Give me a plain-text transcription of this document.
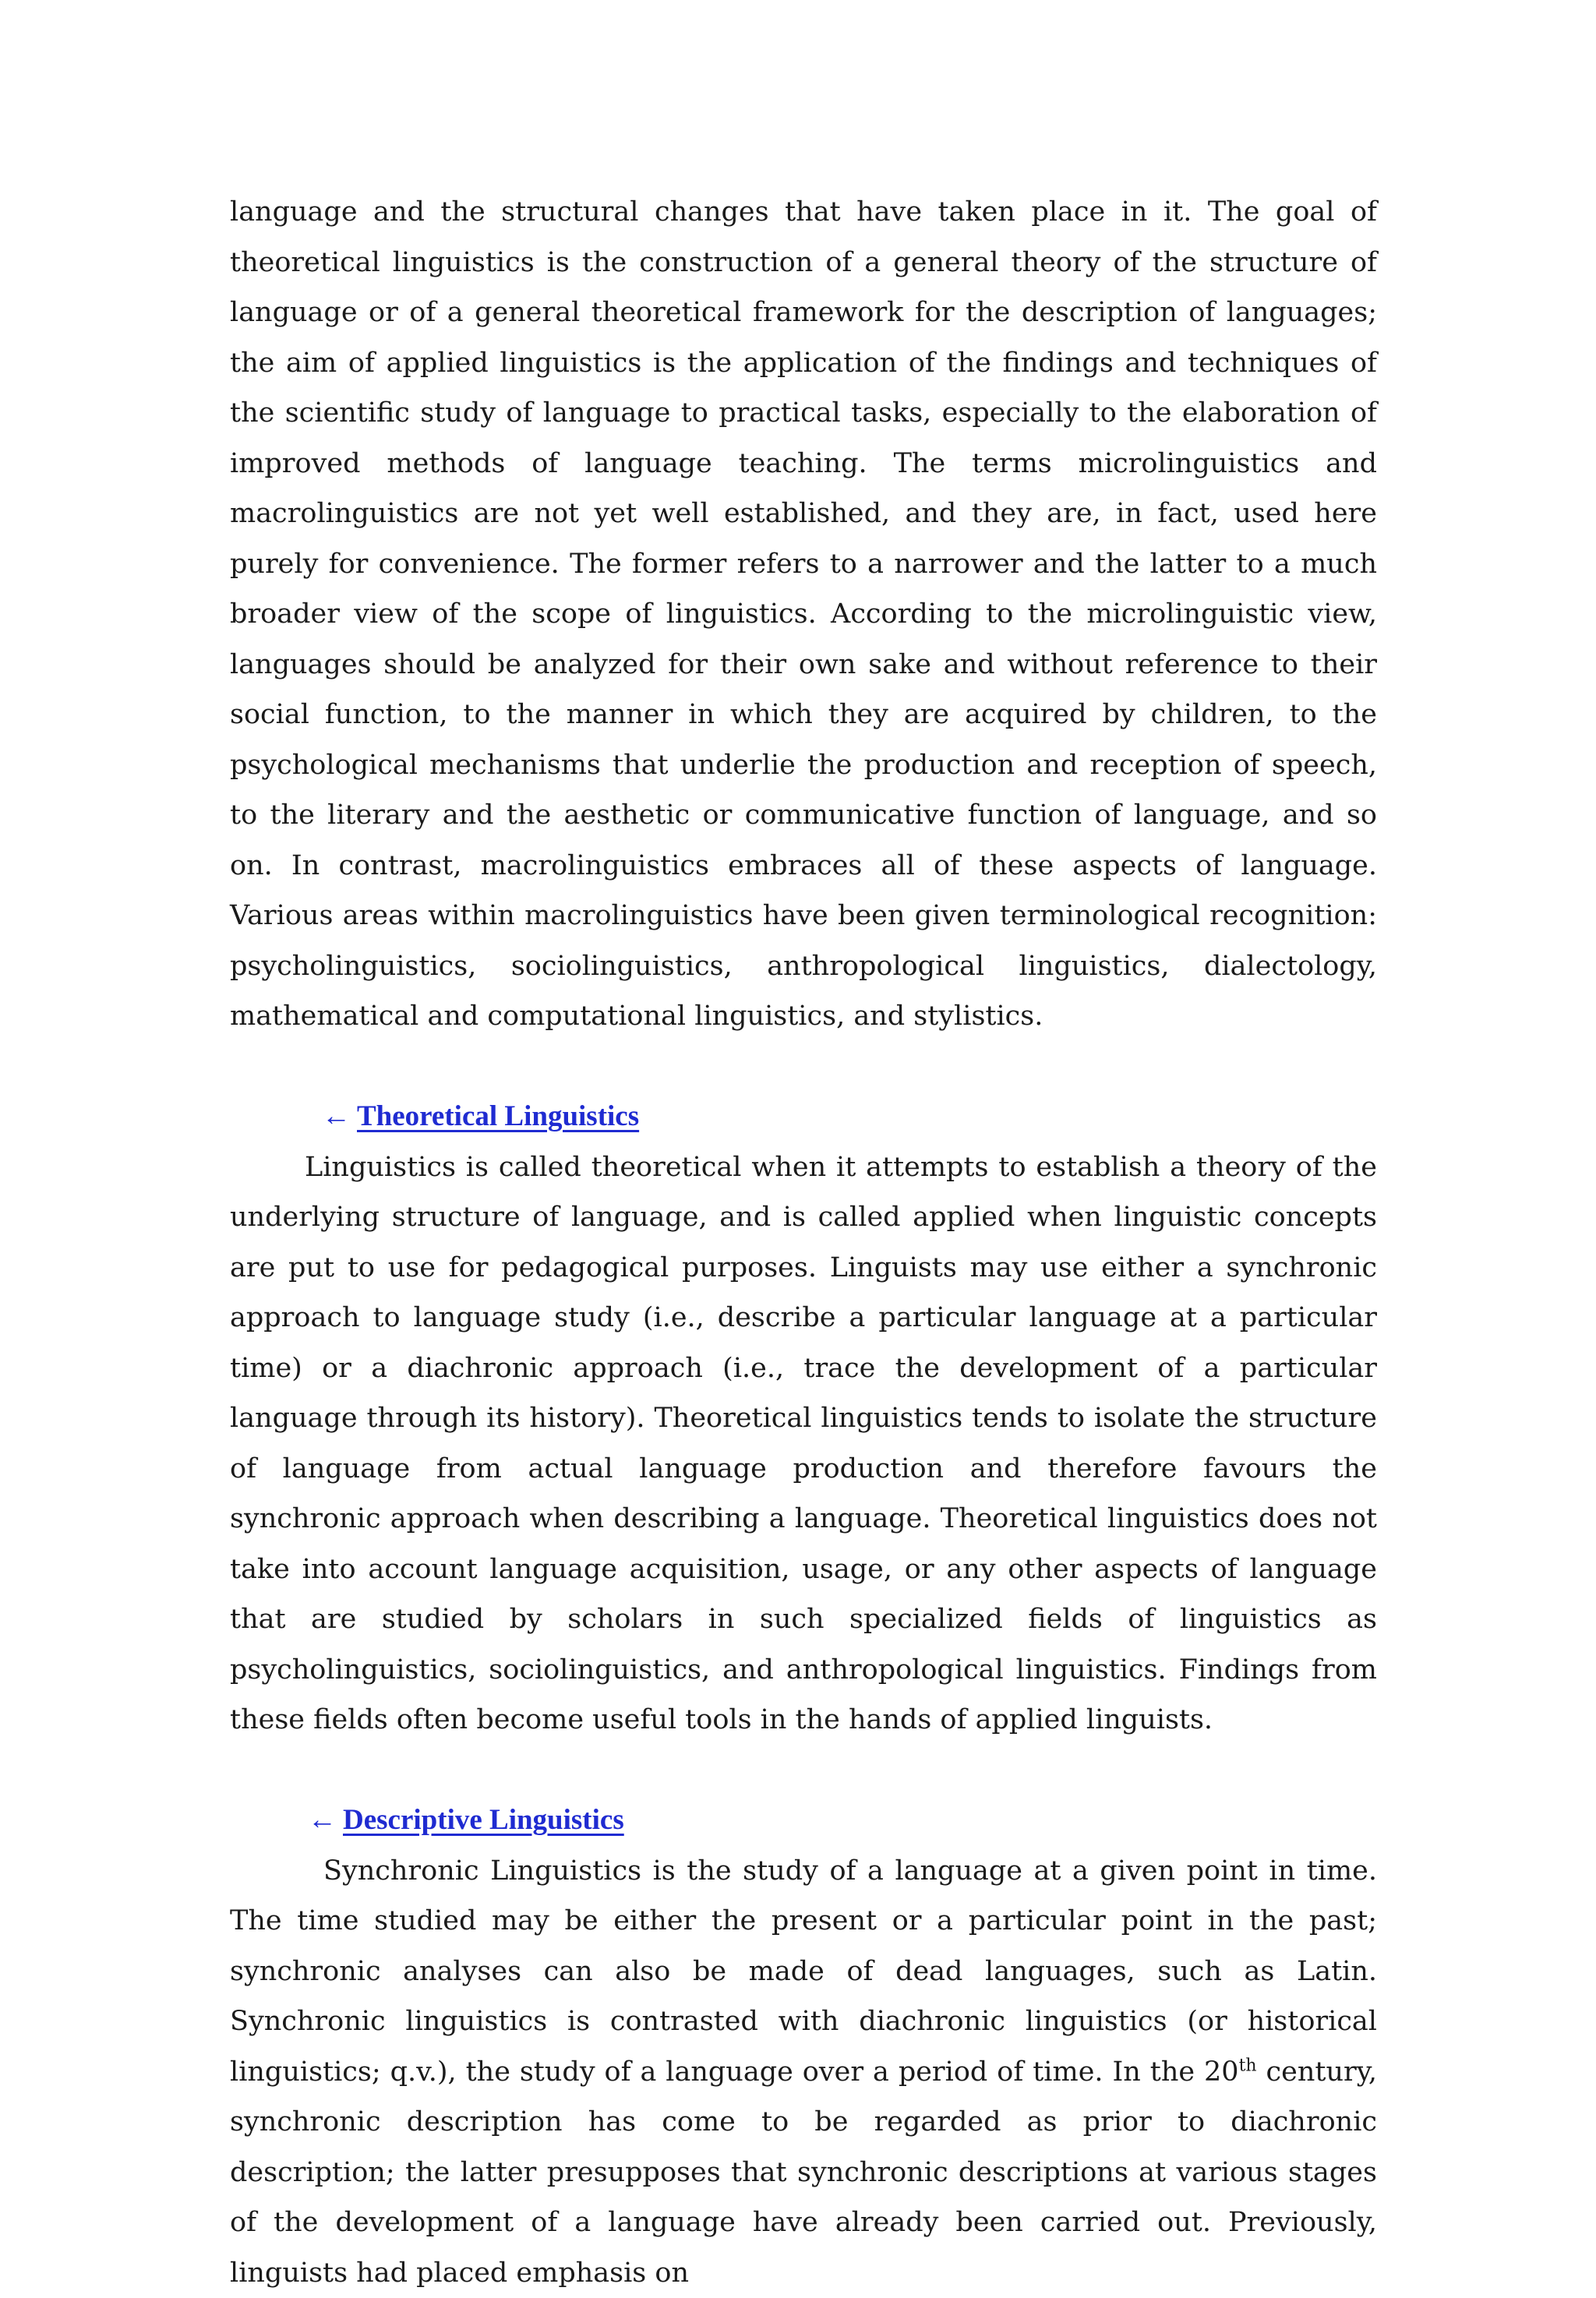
language and the structural changes that have taken place in it. The goal of theoretical linguistics is the construction of a general theory of the structure of language or of a general theoretical framework for the description of languages; the aim of applied linguistics is the application of the findings and techniques of the scientific study of language to practical tasks, especially to the elaboration of improved methods of language teaching. The terms microlinguistics and macrolinguistics are not yet well established, and they are, in fact, used here purely for convenience. The former refers to a narrower and the latter to a much broader view of the scope of linguistics. According to the microlinguistic view, languages should be analyzed for their own sake and without reference to their social function, to the manner in which they are acquired by children, to the psychological mechanisms that underlie the production and reception of speech, to the literary and the aesthetic or communicative function of language, and so on. In contrast, macrolinguistics embraces all of these aspects of language. Various areas within macrolinguistics have been given terminological recognition: psycholinguistics, sociolinguistics, anthropological linguistics, dialectology, mathematical and computational linguistics, and stylistics.

← Theoretical Linguistics

Linguistics is called theoretical when it attempts to establish a theory of the underlying structure of language, and is called applied when linguistic concepts are put to use for pedagogical purposes. Linguists may use either a synchronic approach to language study (i.e., describe a particular language at a particular time) or a diachronic approach (i.e., trace the development of a particular language through its history). Theoretical linguistics tends to isolate the structure of language from actual language production and therefore favours the synchronic approach when describing a language. Theoretical linguistics does not take into account language acquisition, usage, or any other aspects of language that are studied by scholars in such specialized fields of linguistics as psycholinguistics, sociolinguistics, and anthropological linguistics. Findings from these fields often become useful tools in the hands of applied linguists.

← Descriptive Linguistics

Synchronic Linguistics is the study of a language at a given point in time. The time studied may be either the present or a particular point in the past; synchronic analyses can also be made of dead languages, such as Latin. Synchronic linguistics is contrasted with diachronic linguistics (or historical linguistics; q.v.), the study of a language over a period of time. In the 20th century, synchronic description has come to be regarded as prior to diachronic description; the latter presupposes that synchronic descriptions at various stages of the development of a language have already been carried out. Previously, linguists had placed emphasis on
